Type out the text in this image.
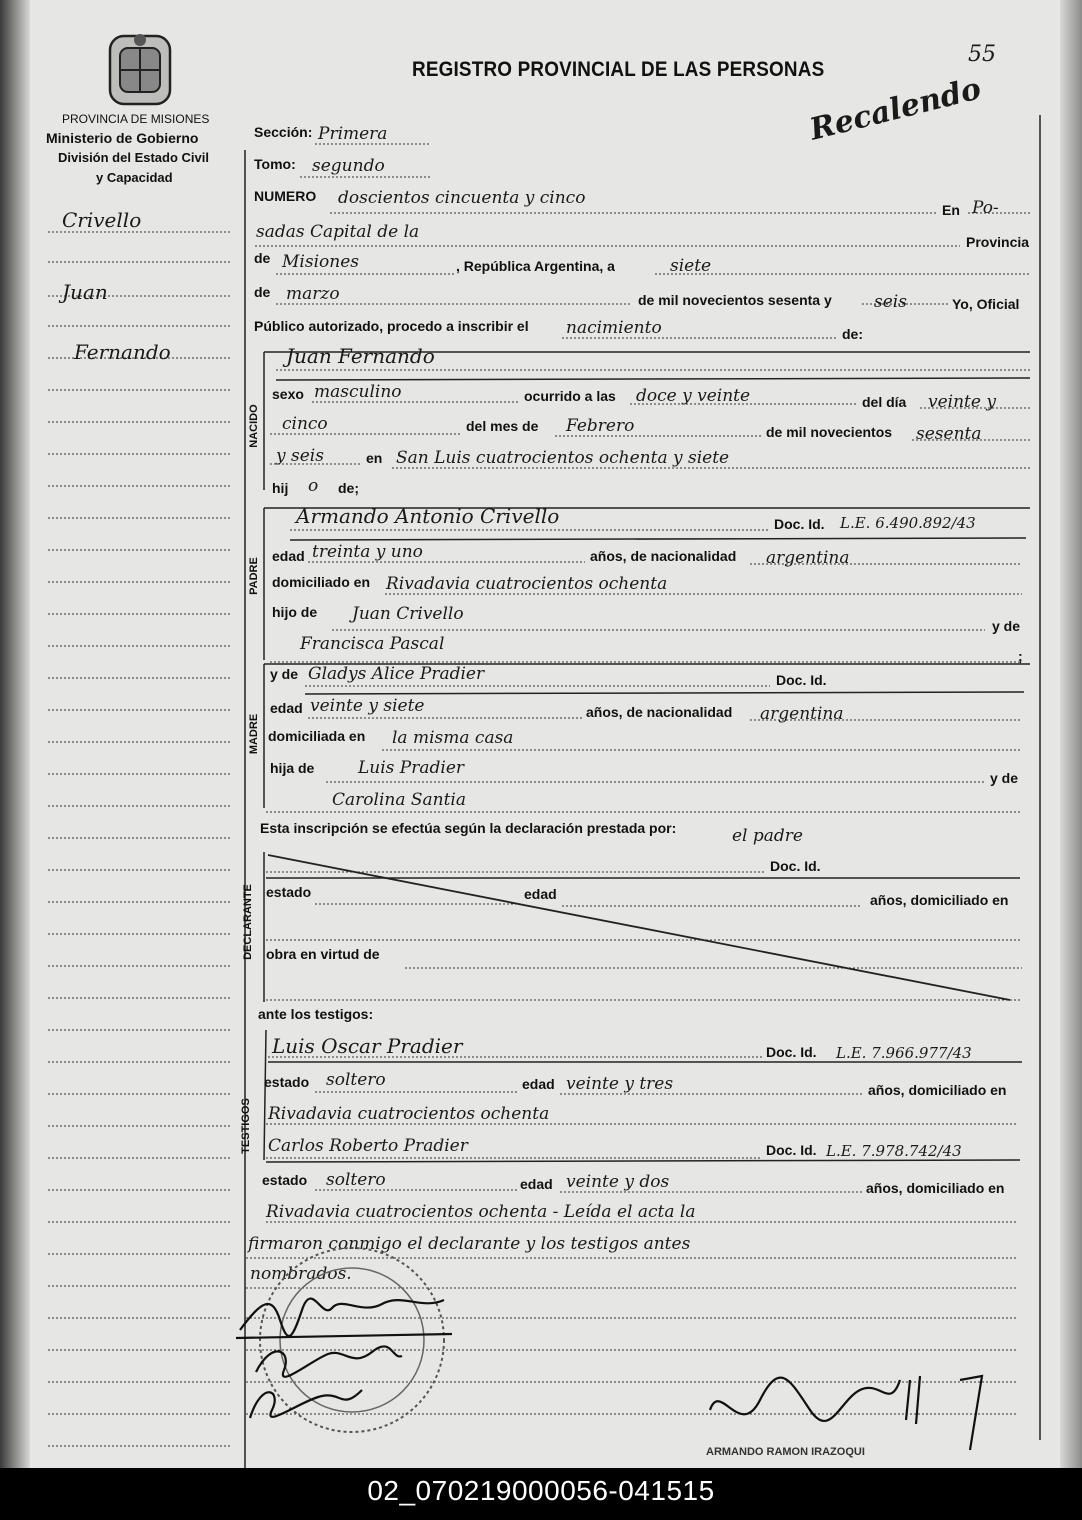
PROVINCIA DE MISIONES
Ministerio de Gobierno
División del Estado Civil
y Capacidad
REGISTRO PROVINCIAL DE LAS PERSONAS
55
Recalendo
Crivello
Juan
Fernando
Sección: Primera
Tomo: segundo
NUMERO doscientos cincuenta y cinco
En Po-
sadas Capital de la	Provincia
de Misiones	, República Argentina, a	siete
de marzo	de mil novecientos sesenta y seis	Yo, Oficial
Público autorizado, procedo a inscribir el nacimiento	de:
NACIDO
Juan Fernando
sexo masculino	ocurrido a las doce y veinte	del día veinte y
cinco	del mes de Febrero	de mil novecientos sesenta
y seis	en San Luis cuatrocientos ochenta y siete
hij o de;
PADRE
Armando Antonio Crivello	Doc. Id. L.E. 6.490.892/43
edad treinta y uno	años, de nacionalidad argentina
domiciliado en Rivadavia cuatrocientos ochenta
hijo de Juan Crivello
y de
Francisca Pascal
;
MADRE
y de Gladys Alice Pradier	Doc. Id.
edad veinte y siete	años, de nacionalidad argentina
domiciliada en la misma casa
hija de	Luis Pradier	y de
Carolina Santia
Esta inscripción se efectúa según la declaración prestada por:	el padre
DECLARANTE
Doc. Id.
estado	edad	años, domiciliado en
obra en virtud de
ante los testigos:
TESTIGOS
Luis Oscar Pradier	Doc. Id. L.E. 7.966.977/43
estado soltero	edad veinte y tres	años, domiciliado en
Rivadavia cuatrocientos ochenta
Carlos Roberto Pradier	Doc. Id. L.E. 7.978.742/43
estado soltero	edad veinte y dos	años, domiciliado en
Rivadavia cuatrocientos ochenta - Leída el acta la
firmaron conmigo el declarante y los testigos antes
nombrados.
ARMANDO RAMON IRAZOQUI
02_070219000056-041515
